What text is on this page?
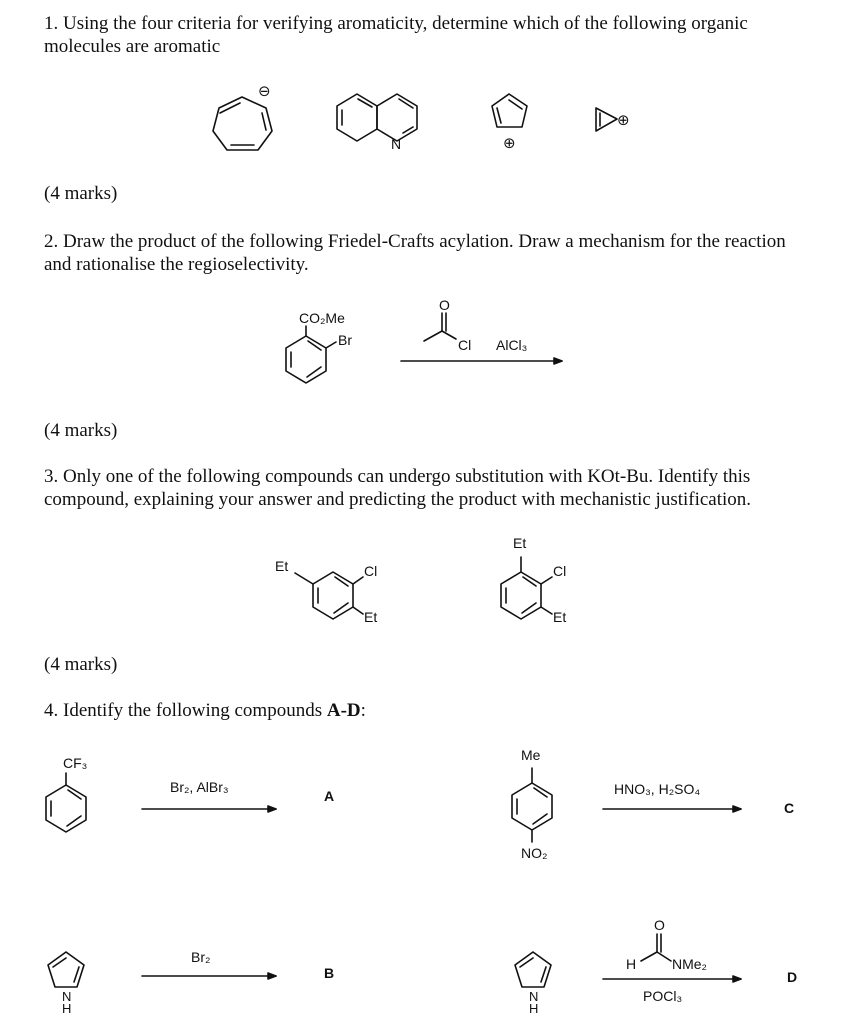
1. Using the four criteria for verifying aromaticity, determine which of the following organic molecules are aromatic
(4 marks)
2. Draw the product of the following Friedel-Crafts acylation. Draw a mechanism for the reaction and rationalise the regioselectivity.
(4 marks)
3. Only one of the following compounds can undergo substitution with KOt-Bu. Identify this compound, explaining your answer and predicting the product with mechanistic justification.
(4 marks)
4. Identify the following compounds A-D:
⊖
N	⊕
⊕
CO₂Me
Br
O
Cl AlCl₃
Et	Cl
Et
Et
Cl
Et
CF₃
Br₂, AlBr₃
A
Me
NO₂
HNO₃, H₂SO₄
C
N
H
Br₂
B
N
H
O
H	NMe₂
POCl₃
D
